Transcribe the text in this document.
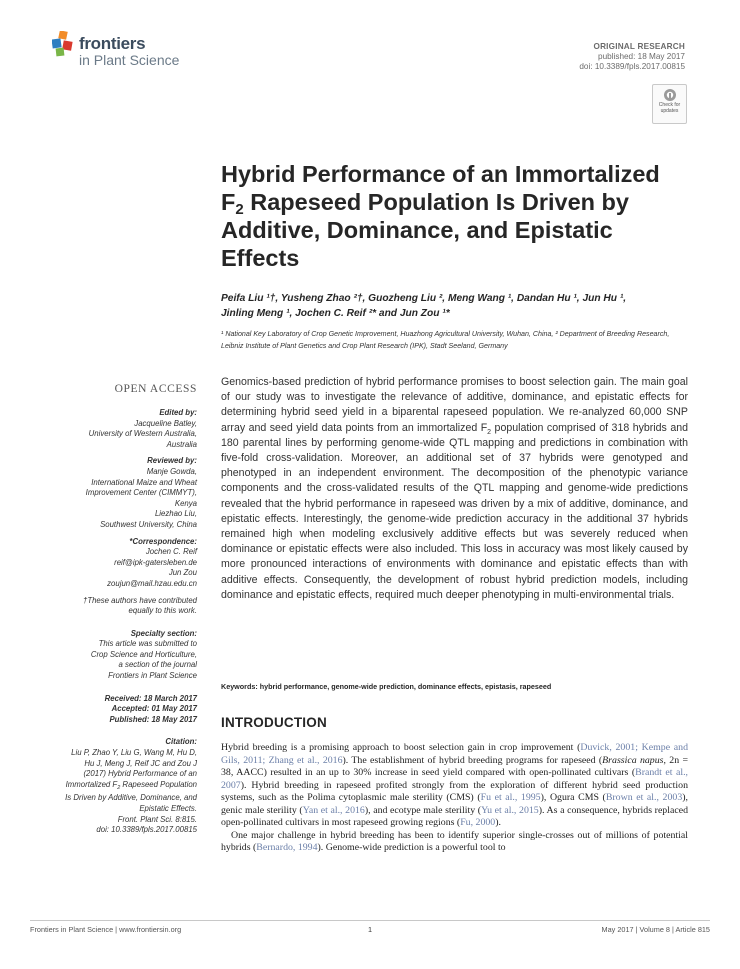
frontiers
in Plant Science
ORIGINAL RESEARCH
published: 18 May 2017
doi: 10.3389/fpls.2017.00815
Check for updates
Hybrid Performance of an Immortalized $F_2$ Rapeseed Population Is Driven by Additive, Dominance, and Epistatic Effects
Peifa Liu ¹†, Yusheng Zhao ²†, Guozheng Liu ², Meng Wang ¹, Dandan Hu ¹, Jun Hu ¹,
Jinling Meng ¹, Jochen C. Reif ²* and Jun Zou ¹*
¹ National Key Laboratory of Crop Genetic Improvement, Huazhong Agricultural University, Wuhan, China, ² Department of Breeding Research, Leibniz Institute of Plant Genetics and Crop Plant Research (IPK), Stadt Seeland, Germany
OPEN ACCESS
Edited by:
Jacqueline Batley,
University of Western Australia,
Australia
Reviewed by:
Manje Gowda,
International Maize and Wheat
Improvement Center (CIMMYT),
Kenya
Liezhao Liu,
Southwest University, China
*Correspondence:
Jochen C. Reif
reif@ipk-gatersleben.de
Jun Zou
zoujun@mail.hzau.edu.cn
†These authors have contributed
equally to this work.
Specialty section:
This article was submitted to
Crop Science and Horticulture,
a section of the journal
Frontiers in Plant Science
Received: 18 March 2017
Accepted: 01 May 2017
Published: 18 May 2017
Citation:
Liu P, Zhao Y, Liu G, Wang M, Hu D,
Hu J, Meng J, Reif JC and Zou J
(2017) Hybrid Performance of an
Immortalized $F_2$ Rapeseed Population
Is Driven by Additive, Dominance, and
Epistatic Effects.
Front. Plant Sci. 8:815.
doi: 10.3389/fpls.2017.00815
Genomics-based prediction of hybrid performance promises to boost selection gain. The main goal of our study was to investigate the relevance of additive, dominance, and epistatic effects for determining hybrid seed yield in a biparental rapeseed population. We re-analyzed 60,000 SNP array and seed yield data points from an immortalized $F_2$ population comprised of 318 hybrids and 180 parental lines by performing genome-wide QTL mapping and predictions in combination with five-fold cross-validation. Moreover, an additional set of 37 hybrids were genotyped and phenotyped in an independent environment. The decomposition of the phenotypic variance components and the cross-validated results of the QTL mapping and genome-wide predictions revealed that the hybrid performance in rapeseed was driven by a mix of additive, dominance, and epistatic effects. Interestingly, the genome-wide prediction accuracy in the additional 37 hybrids remained high when modeling exclusively additive effects but was severely reduced when dominance or epistatic effects were also included. This loss in accuracy was most likely caused by more pronounced interactions of environments with dominance and epistatic effects than with additive effects. Consequently, the development of robust hybrid prediction models, including dominance and epistatic effects, required much deeper phenotyping in multi-environmental trials.
Keywords: hybrid performance, genome-wide prediction, dominance effects, epistasis, rapeseed
INTRODUCTION

Hybrid breeding is a promising approach to boost selection gain in crop improvement (Duvick, 2001; Kempe and Gils, 2011; Zhang et al., 2016). The establishment of hybrid breeding programs for rapeseed (Brassica napus, 2n = 38, AACC) resulted in an up to 30% increase in seed yield compared with open-pollinated cultivars (Brandt et al., 2007). Hybrid breeding in rapeseed profited strongly from the exploration of different hybrid seed production systems, such as the Polima cytoplasmic male sterility (CMS) (Fu et al., 1995), Ogura CMS (Brown et al., 2003), genic male sterility (Yan et al., 2016), and ecotype male sterility (Yu et al., 2015). As a consequence, hybrids replaced open-pollinated cultivars in most rapeseed growing regions (Fu, 2000).

One major challenge in hybrid breeding has been to identify superior single-crosses out of millions of potential hybrids (Bernardo, 1994). Genome-wide prediction is a powerful tool to

Frontiers in Plant Science | www.frontiersin.org	1	May 2017 | Volume 8 | Article 815
